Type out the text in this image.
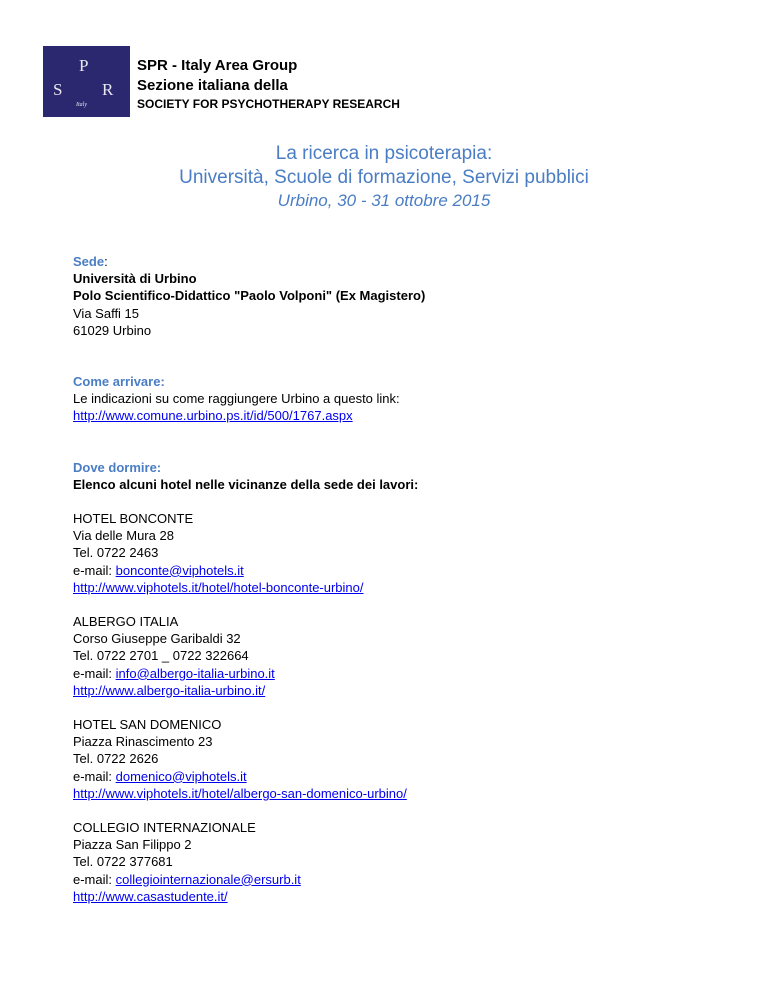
P
S R
Italy
SPR - Italy Area Group
Sezione italiana della
SOCIETY FOR PSYCHOTHERAPY RESEARCH
La ricerca in psicoterapia:
Università, Scuole di formazione, Servizi pubblici
Urbino, 30 - 31 ottobre 2015

Sede:

Università di Urbino

Polo Scientifico-Didattico "Paolo Volponi" (Ex Magistero)

Via Saffi 15

61029 Urbino

Come arrivare:

Le indicazioni su come raggiungere Urbino a questo link:

http://www.comune.urbino.ps.it/id/500/1767.aspx

Dove dormire:

Elenco alcuni hotel nelle vicinanze della sede dei lavori:

HOTEL BONCONTE

Via delle Mura 28

Tel. 0722 2463

e-mail: bonconte@viphotels.it

http://www.viphotels.it/hotel/hotel-bonconte-urbino/

ALBERGO ITALIA

Corso Giuseppe Garibaldi 32

Tel. 0722 2701 _ 0722 322664

e-mail: info@albergo-italia-urbino.it

http://www.albergo-italia-urbino.it/

HOTEL SAN DOMENICO

Piazza Rinascimento 23

Tel. 0722 2626

e-mail: domenico@viphotels.it

http://www.viphotels.it/hotel/albergo-san-domenico-urbino/

COLLEGIO INTERNAZIONALE

Piazza San Filippo 2

Tel. 0722 377681

e-mail: collegiointernazionale@ersurb.it

http://www.casastudente.it/
